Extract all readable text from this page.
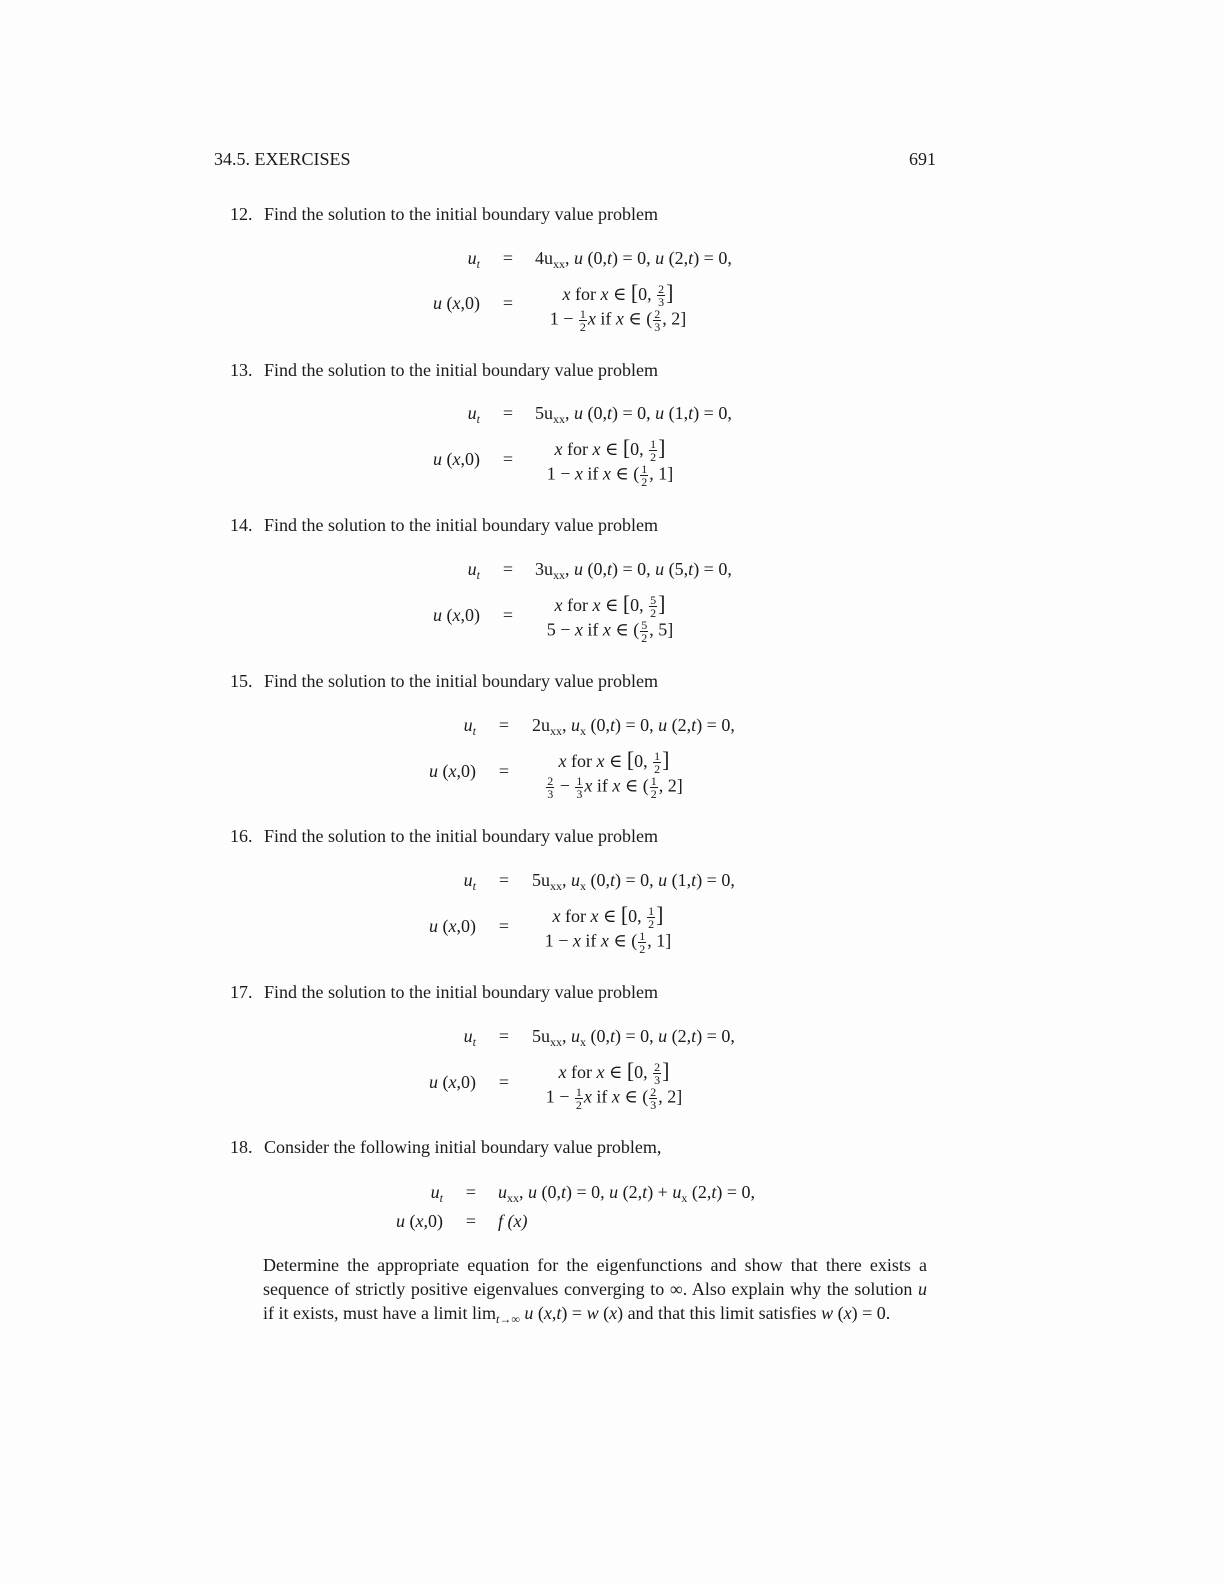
34.5. EXERCISES	691
12. Find the solution to the initial boundary value problem
$u_t = 4u_{xx}$, u (0,t) = 0, u (2,t) = 0,
u (x,0) =	x for x ∈ [0, $\frac{2}{3}$ ]
$1 - \frac{1}{2}$ x if x ∈ ( $\frac{2}{3}$ , 2]
13. Find the solution to the initial boundary value problem
$u_t = 5u_{xx}$, u (0,t) = 0, u (1,t) = 0,
u (x,0) =	x for x ∈ [0, $\frac{1}{2}$ ]
1 − x if x ∈ ( $\frac{1}{2}$ , 1]
14. Find the solution to the initial boundary value problem
$u_t = 3u_{xx}$, u (0,t) = 0, u (5,t) = 0,
u (x,0) =	x for x ∈ [0, $\frac{5}{2}$ ]
5 − x if x ∈ ( $\frac{5}{2}$ , 5]
15. Find the solution to the initial boundary value problem
$u_t = 2u_{xx}$, $u_x$ (0,t) = 0, u (2,t) = 0,
u (x,0) =	x for x ∈ [0, $\frac{1}{2}$ ]
$\frac{2}{3} - \frac{1}{3}$ x if x ∈ ( $\frac{1}{2}$ , 2]
16. Find the solution to the initial boundary value problem
$u_t = 5u_{xx}$, $u_x$ (0,t) = 0, u (1,t) = 0,
u (x,0) =	x for x ∈ [0, $\frac{1}{2}$ ]
1 − x if x ∈ ( $\frac{1}{2}$ , 1]
17. Find the solution to the initial boundary value problem
$u_t = 5u_{xx}$, $u_x$ (0,t) = 0, u (2,t) = 0,
u (x,0) =	x for x ∈ [0, $\frac{2}{3}$ ]
$1 - \frac{1}{2}$ x if x ∈ ( $\frac{2}{3}$ , 2]
18. Consider the following initial boundary value problem,
$u_t = u_{xx}$, u (0,t) = 0, u $(2,t) + u_x$ (2,t) = 0,
u (x,0) = f (x)
Determine the appropriate equation for the eigenfunctions and show that there exists a sequence of strictly positive eigenvalues converging to ∞. Also explain why the solution u if it exists, must have a limit $\lim_{t\to\infty} u$ (x,t) = w (x) and that this limit satisfies w (x) = 0.
